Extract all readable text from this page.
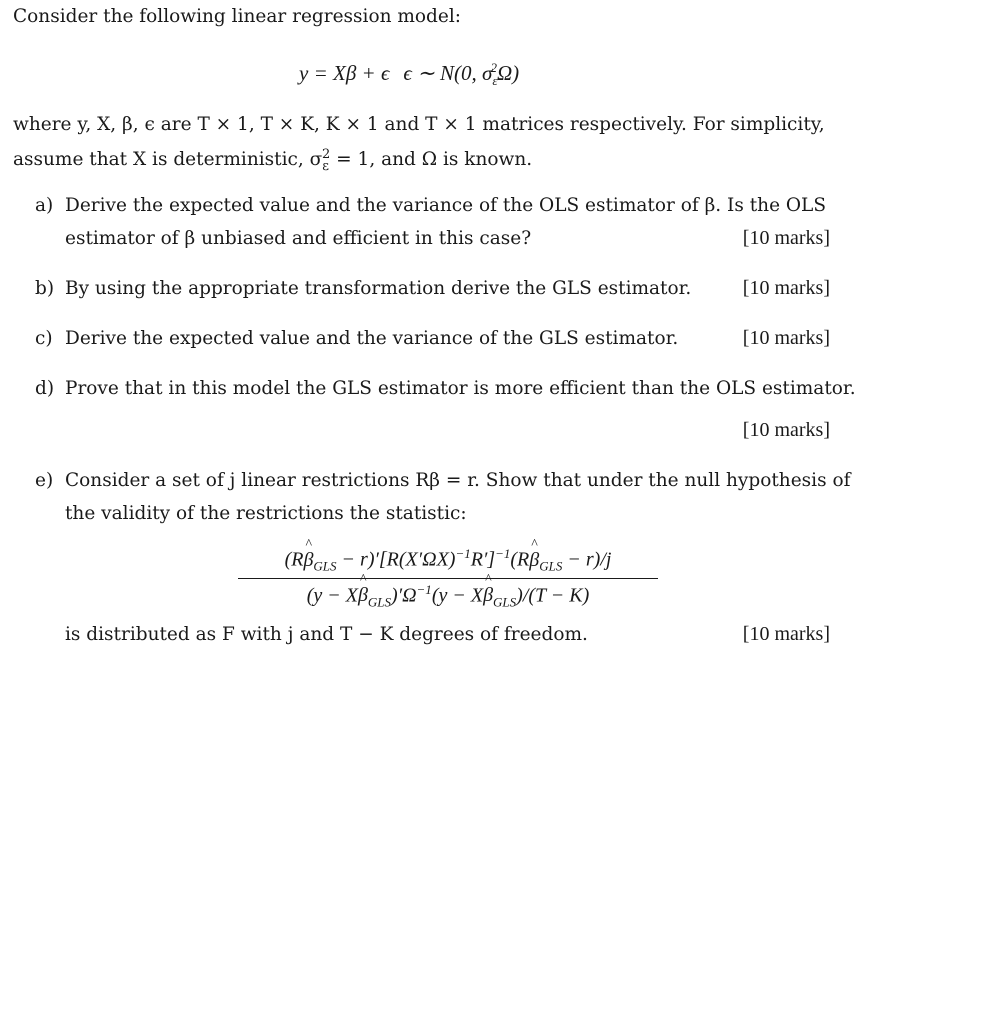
Consider the following linear regression model:
y = Xβ + ϵ ϵ ∼ N(0, $\sigma_\varepsilon^2\Omega$)
where y, X, β, ϵ are T × 1, T × K, K × 1 and T × 1 matrices respectively. For simplicity,
assume that X is deterministic, $\sigma_\varepsilon^2 = 1$, and Ω is known.
a) Derive the expected value and the variance of the OLS estimator of β. Is the OLS
estimator of β unbiased and efficient in this case?	[10 marks]
b) By using the appropriate transformation derive the GLS estimator.	[10 marks]
c) Derive the expected value and the variance of the GLS estimator.	[10 marks]
d) Prove that in this model the GLS estimator is more efficient than the OLS estimator.
[10 marks]
e) Consider a set of j linear restrictions Rβ = r. Show that under the null hypothesis of
the validity of the restrictions the statistic:
(R^ $\beta_{GLS}$ − $r)'[R(X'\Omega X)^{-1}R']^{-1}(R\^{}$ $\beta_{GLS} - r)/j$
(y − X^ $\beta_{GLS})'\Omega^{-1}(y$ − X^ $\beta_{GLS})/(T - K)$
is distributed as F with j and T − K degrees of freedom.	[10 marks]
